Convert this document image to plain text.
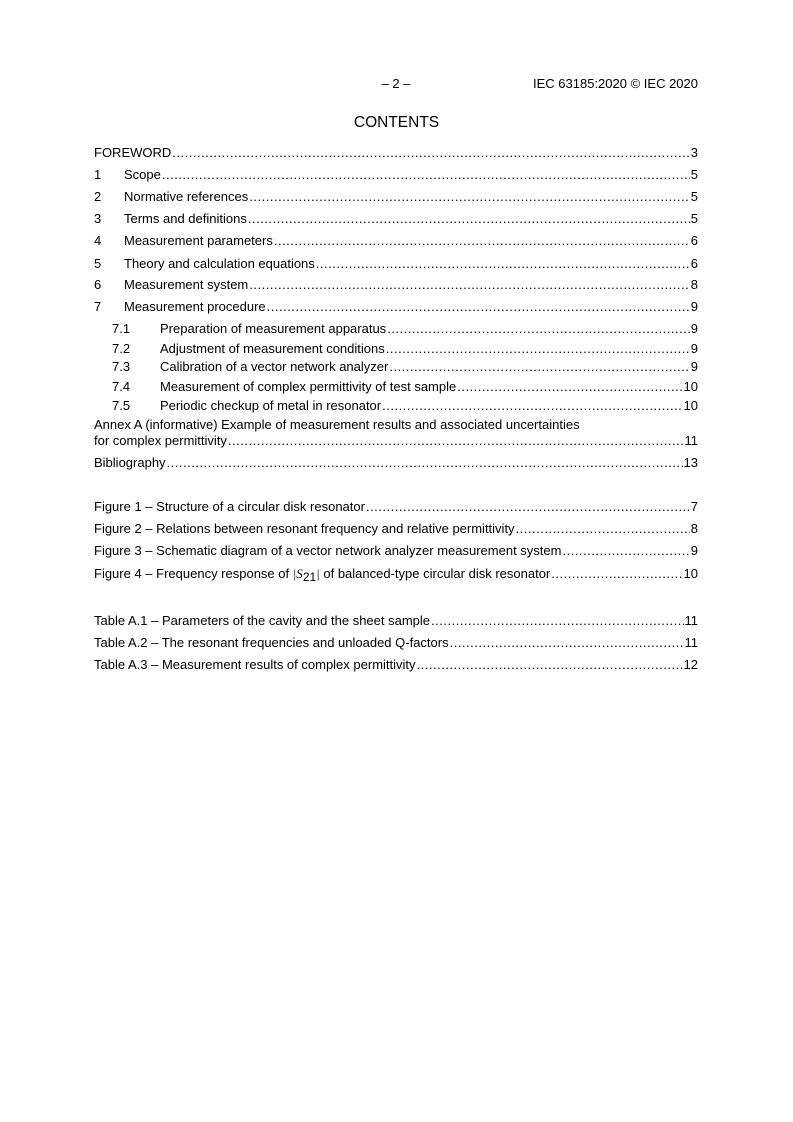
– 2 –	IEC 63185:2020 © IEC 2020
CONTENTS
FOREWORD .....	3
1	Scope .....	5
2	Normative references .....	5
3	Terms and definitions .....	5
4	Measurement parameters .....	6
5	Theory and calculation equations .....	6
6	Measurement system .....	8
7	Measurement procedure .....	9
7.1	Preparation of measurement apparatus .....	9
7.2	Adjustment of measurement conditions .....	9
7.3	Calibration of a vector network analyzer .....	9
7.4	Measurement of complex permittivity of test sample .....	10
7.5	Periodic checkup of metal in resonator .....	10
Annex A (informative) Example of measurement results and associated uncertainties
for complex permittivity .....	11
Bibliography .....	13
Figure 1 – Structure of a circular disk resonator .....	7
Figure 2 – Relations between resonant frequency and relative permittivity .....	8
Figure 3 – Schematic diagram of a vector network analyzer measurement system .....	9
Figure 4 – Frequency response of $|S_{21}|$ of balanced-type circular disk resonator .....	10
Table A.1 – Parameters of the cavity and the sheet sample .....	11
Table A.2 – The resonant frequencies and unloaded Q-factors .....	11
Table A.3 – Measurement results of complex permittivity .....	12
